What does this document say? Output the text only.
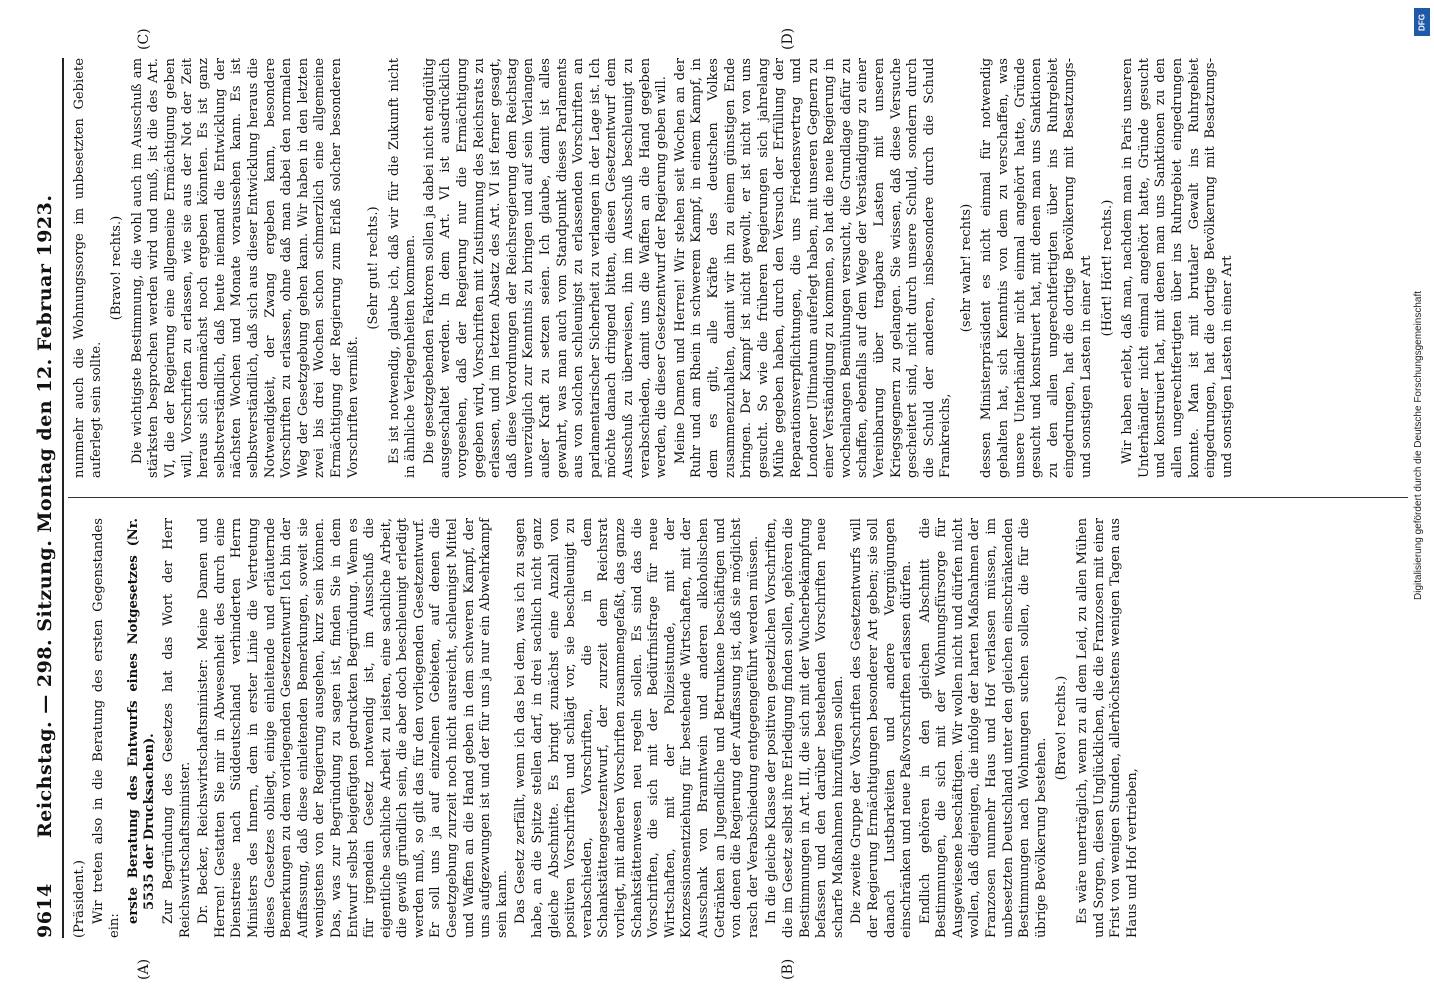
9614
Reichstag. — 298. Sitzung. Montag den 12. Februar 1923.
(A)	(B)
(C)	(D)

(Präsident.) Wir treten also in die Beratung des ersten Gegenstandes ein:

erste Beratung des Entwurfs eines Notgesetzes (Nr. 5535 der Drucksachen). Zur Begründung des Gesetzes hat das Wort der Herr Reichswirtschaftsminister. Dr. Becker, Reichswirtschaftsminister: Meine Damen und Herren! Gestatten Sie mir in Abwesenheit des durch eine Dienstreise nach Süddeutschland verhinderten Herrn Ministers des Innern, dem in erster Linie die Vertretung dieses Gesetzes obliegt, einige einleitende und erläuternde Bemerkungen zu dem vorliegenden Gesetzentwurf! Ich bin der Auffassung, daß diese einleitenden Bemerkungen, soweit sie wenigstens von der Regierung ausgehen, kurz sein können. Das, was zur Begründung zu sagen ist, finden Sie in dem Entwurf selbst beigefügten gedruckten Begründung. Wenn es für irgendein Gesetz notwendig ist, im Ausschuß die eigentliche sachliche Arbeit zu leisten, eine sachliche Arbeit, die gewiß gründlich sein, die aber doch beschleunigt erledigt werden muß, so gilt das für den vorliegenden Gesetzentwurf. Er soll uns ja auf einzelnen Gebieten, auf denen die Gesetzgebung zurzeit noch nicht ausreicht, schleunigst Mittel und Waffen an die Hand geben in dem schweren Kampf, der uns aufgezwungen ist und der für uns ja nur ein Abwehrkampf sein kann. Das Gesetz zerfällt, wenn ich das bei dem, was ich zu sagen habe, an die Spitze stellen darf, in drei sachlich nicht ganz gleiche Abschnitte. Es bringt zunächst eine Anzahl von positiven Vorschriften und schlägt vor, sie beschleunigt zu verabschieden, Vorschriften, die in dem Schankstättengesetzentwurf, der zurzeit dem Reichsrat vorliegt, mit anderen Vorschriften zusammengefaßt, das ganze Schankstättenwesen neu regeln sollen. Es sind das die Vorschriften, die sich mit der Bedürfnisfrage für neue Wirtschaften, mit der Polizeistunde, mit der Konzessionsentziehung für bestehende Wirtschaften, mit der Ausschank von Branntwein und anderen alkoholischen Getränken an Jugendliche und Betrunkene beschäftigen und von denen die Regierung der Auffassung ist, daß sie möglichst rasch der Verabschiedung entgegengeführt werden müssen. In die gleiche Klasse der positiven gesetzlichen Vorschriften, die im Gesetz selbst ihre Erledigung finden sollen, gehören die Bestimmungen in Art. III, die sich mit der Wucherbekämpfung befassen und den darüber bestehenden Vorschriften neue scharfe Maßnahmen hinzufügen sollen. Die zweite Gruppe der Vorschriften des Gesetzentwurfs will der Regierung Ermächtigungen besonderer Art geben; sie soll danach Lustbarkeiten und andere Vergnügungen einschränken und neue Paßvorschriften erlassen dürfen. Endlich gehören in den gleichen Abschnitt die Bestimmungen, die sich mit der Wohnungsfürsorge für Ausgewiesene beschäftigen. Wir wollen nicht und dürfen nicht wollen, daß diejenigen, die infolge der harten Maßnahmen der Franzosen nunmehr Haus und Hof verlassen müssen, im unbesetzten Deutschland unter den gleichen einschränkenden Bestimmungen nach Wohnungen suchen sollen, die für die übrige Bevölkerung bestehen.

(Bravo! rechts.) Es wäre unerträglich, wenn zu all dem Leid, zu allen Mühen und Sorgen, diesen Unglücklichen, die die Franzosen mit einer Frist von wenigen Stunden, allerhöchstens wenigen Tagen aus Haus und Hof vertrieben,

nunmehr auch die Wohnungssorge im unbesetzten Gebiete auferlegt sein sollte.

(Bravo! rechts.) Die wichtigste Bestimmung, die wohl auch im Ausschuß am stärksten besprochen werden wird und muß, ist die des Art. VI, die der Regierung eine allgemeine Ermächtigung geben will, Vorschriften zu erlassen, wie sie aus der Not der Zeit heraus sich demnächst noch ergeben könnten. Es ist ganz selbstverständlich, daß heute niemand die Entwicklung der nächsten Wochen und Monate voraussehen kann. Es ist selbstverständlich, daß sich aus dieser Entwicklung heraus die Notwendigkeit, der Zwang ergeben kann, besondere Vorschriften zu erlassen, ohne daß man dabei den normalen Weg der Gesetzgebung gehen kann. Wir haben in den letzten zwei bis drei Wochen schon schmerzlich eine allgemeine Ermächtigung der Regierung zum Erlaß solcher besonderen Vorschriften vermißt.

(Sehr gut! rechts.) Es ist notwendig, glaube ich, daß wir für die Zukunft nicht in ähnliche Verlegenheiten kommen. Die gesetzgebenden Faktoren sollen ja dabei nicht endgültig ausgeschaltet werden. In dem Art. VI ist ausdrücklich vorgesehen, daß der Regierung nur die Ermächtigung gegeben wird, Vorschriften mit Zustimmung des Reichsrats zu erlassen, und im letzten Absatz des Art. VI ist ferner gesagt, daß diese Verordnungen der Reichsregierung dem Reichstag unverzüglich zur Kenntnis zu bringen und auf sein Verlangen außer Kraft zu setzen seien. Ich glaube, damit ist alles gewahrt, was man auch vom Standpunkt dieses Parlaments aus von solchen schleunigst zu erlassenden Vorschriften an parlamentarischer Sicherheit zu verlangen in der Lage ist. Ich möchte danach dringend bitten, diesen Gesetzentwurf dem Ausschuß zu überweisen, ihn im Ausschuß beschleunigt zu verabschieden, damit uns die Waffen an die Hand gegeben werden, die dieser Gesetzentwurf der Regierung geben will. Meine Damen und Herren! Wir stehen seit Wochen an der Ruhr und am Rhein in schwerem Kampf, in einem Kampf, in dem es gilt, alle Kräfte des deutschen Volkes zusammenzuhalten, damit wir ihn zu einem günstigen Ende bringen. Der Kampf ist nicht gewollt, er ist nicht von uns gesucht. So wie die früheren Regierungen sich jahrelang Mühe gegeben haben, durch den Versuch der Erfüllung der Reparationsverpflichtungen, die uns Friedensvertrag und Londoner Ultimatum auferlegt haben, mit unseren Gegnern zu einer Verständigung zu kommen, so hat die neue Regierung in wochenlangen Bemühungen versucht, die Grundlage dafür zu schaffen, ebenfalls auf dem Wege der Verständigung zu einer Vereinbarung über tragbare Lasten mit unseren Kriegsgegnern zu gelangen. Sie wissen, daß diese Versuche gescheitert sind, nicht durch unsere Schuld, sondern durch die Schuld der anderen, insbesondere durch die Schuld Frankreichs,

(sehr wahr! rechts) dessen Ministerpräsident es nicht einmal für notwendig gehalten hat, sich Kenntnis von dem zu verschaffen, was unsere Unterhändler nicht einmal angehört hatte, Gründe gesucht und konstruiert hat, mit denen man uns Sanktionen zu den allen ungerechtfertigten über ins Ruhrgebiet eingedrungen, hat die dortige Bevölkerung mit Besatzungs- und sonstigen Lasten in einer Art (Hört! Hört! rechts.) Wir haben erlebt, daß man, nachdem man in Paris unseren Unterhändler nicht einmal angehört hatte, Gründe gesucht und konstruiert hat, mit denen man uns Sanktionen zu den allen ungerechtfertigten über ins Ruhrgebiet eingedrungen konnte. Man ist mit brutaler Gewalt ins Ruhrgebiet eingedrungen, hat die dortige Bevölkerung mit Besatzungs- und sonstigen Lasten in einer Art

DFG
Digitalisierung gefördert durch die Deutsche Forschungsgemeinschaft
